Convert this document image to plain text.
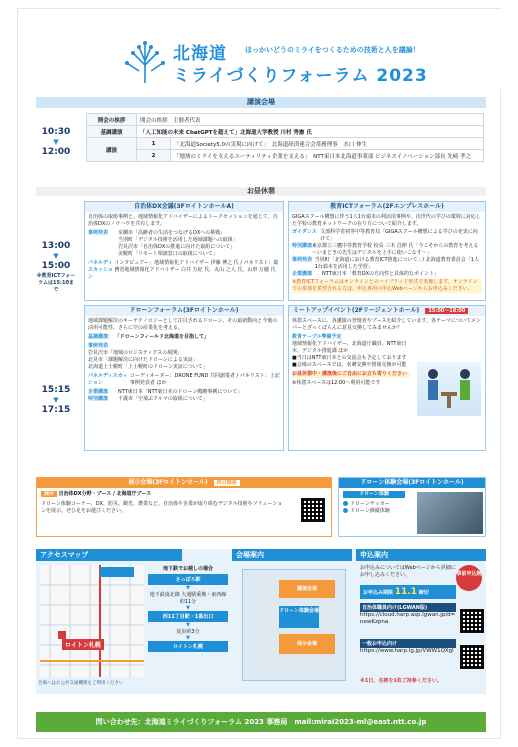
北海道	ほっかいどうのミライをつくるための技術と人を議論！
ミライづくりフォーラム 2023
講演会場
10:30
▼
12:00
開会の挨拶	開会の挨拶　主催者代表	
基調講演	「人工知能の未来 ChatGPTを超えて」北海道大学教授 川村 秀憲 氏	
講演	1	「北海道Society5.0の実現に向けて」　北海道経済連合会常務理事　水口 伸生
	2	「地域のミライを支えるユーティリティ企業を支える」　NTT東日本北海道事業部 ビジネスイノベーション部長 先崎 孝之
お昼休憩
13:00
▼
15:00
※教育ICTフォーラムは15:10まで
15:15
▼
17:15
自治体DX会議(3FロイトンホールA)
自治体の取組事例と、地域情報化アドバイザーによるトークセッションを通じて、自治体DXのノウハウを共有します。
事例発表	室蘭市「高齢者の生活をつなげるDXへの挑戦」
当別町「デジタル技術を活用した地域課題への取組」
岩見沢市「自治体DXの推進に向けた取組について」
美幌町「リモート相談窓口の取組について」
パネルディスカッション
インタビュアー：地域情報化アドバイザー 伊藤 博之 氏 / パネリスト：総務省地域情報化アドバイザー 白井 万紀 氏、丸山 之人 氏、山形 万穂 氏
教育ICTフォーラム(2Fエンプレスホール)
GIGAスクール構想に伴う1人1台端末の利活用事例や、次世代の学びの環境に対応した学校の教育ネットワークの在り方について紹介します。
ガイダンス 文部科学省初等中等教育局「GIGAスクール構想による学びの充実に向けて」
特別講演 東京都立三鷹中等教育学校 校長 三木 昌伸 氏「今こそからの教育を考える～いまどきの先生はデジタルを上手に使いこなす～」
事例発表 当別町「北海道における教育ICT推進について」/ 北海道教育委員会「1人1台端末を活用した学習」
企業講演	NTT東日本「教育DXの方向性と具体的なポイント」
※教育ICTフォーラムはオンラインとのハイブリッド形式で実施します。オンラインでの参加を希望される方は、申込専用の申込Webページからお申込みください。
ドローンフォーラム(3Fロイトンホール)
地域課題解決のキーテクノロジーとして注目されるドローン。その最新動向と今後の活用可能性、さらに空の産業化を考える。
基調講演： 「ドローンフィールド北海道を目指して」
事例発表
岩見沢市「地域のロジスティクスの展開」
北見市「課題解決に向けたドローンによる実証」
北海道上士幌町「上士幌町のドローン実証について」
パネルディスカッション
コーディネーター：DRONE FUND 共同創業者 / パネリスト：上記事例発表者 ほか
企業講演	NTT東日本「NTT東日本のドローン戦略事例について」
特別講演	千歳市「空飛ぶクルマの取組について」
ミートアップイベント(2Fリージェントホール) 15:00～18:00
休憩スペースに、各講演の登壇者やブースを紹介しています。各テーマについてメンバーとざっくばらんに意見交換してみませんか？
教育テーブル準備予定
地域情報化アドバイザー、北海道庁職員、NTT東日本、デジタル推進課 ほか
■当日はNTT東日本との交流会も予定しております
■会場のスペースでは、名刺交換や情報交換が可能
お昼休憩中・講演後にご自由にお立ち寄りください
※休憩スペースは12:00～利用可能です
展示会場(3Fロイトンホール) 終日開催
展示 自治体DX分野・ブース / 北海道庁ブース
ドローン体験コーナー、DX、防災、観光、農業など、自治体や企業が取り組むデジタル技術やソリューションを展示。ぜひ足をお運びください。
ドローン体験会場(3Fロイトンホール)
ドローン体験
ドローンサッカー
ドローン操縦体験
アクセスマップ
ロイトン札幌
会場へはお公共交通機関をご利用ください
地下鉄でお越しの場合
さっぽろ駅
▼
地下鉄南北線 大通駅乗換・東西線
約11分
▼
西11丁目駅・1番出口
▼
徒歩約3分
▼
ロイトン札幌
会場案内
講演会場
ドローン体験会場
展示会場
申込案内
お申込みについてはWebページから詳細にお申し込みください。	事前申込制
お申込み期限 11.1 締切
自治体職員向け(LGWAN版)
https://cloud.harp.asp.lgwan.jp/d=newKzpna
一般お申込向け
https://www.harp.lg.jp/VWW1QXgl
※1日、名刺を1枚ご持参ください。
問い合わせ先：北海道ミライづくりフォーラム 2023 事務局　mail:mirai2023-ml@east.ntt.co.jp
